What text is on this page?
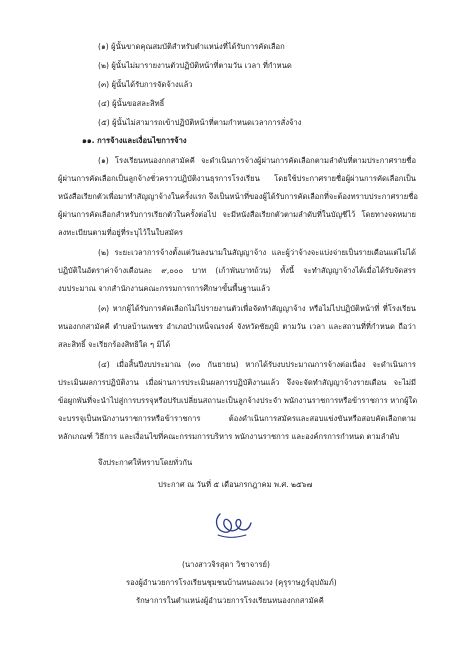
(๑) ผู้นั้นขาดคุณสมบัติสำหรับตำแหน่งที่ได้รับการคัดเลือก
(๒) ผู้นั้นไม่มารายงานตัวปฏิบัติหน้าที่ตามวัน เวลา ที่กำหนด
(๓) ผู้นั้นได้รับการจัดจ้างแล้ว
(๔) ผู้นั้นขอสละสิทธิ์
(๕) ผู้นั้นไม่สามารถเข้าปฏิบัติหน้าที่ตามกำหนดเวลาการสั่งจ้าง
๑๑. การจ้างและเงื่อนไขการจ้าง
(๑) โรงเรียนหนองกกสามัคคี จะดำเนินการจ้างผู้ผ่านการคัดเลือกตามลำดับที่ตามประกาศรายชื่อ
ผู้ผ่านการคัดเลือกเป็นลูกจ้างชั่วคราวปฏิบัติงานธุรการโรงเรียน โดยใช้ประกาศรายชื่อผู้ผ่านการคัดเลือกเป็น
หนังสือเรียกตัวเพื่อมาทำสัญญาจ้างในครั้งแรก จึงเป็นหน้าที่ของผู้ได้รับการคัดเลือกที่จะต้องทราบประกาศรายชื่อ
ผู้ผ่านการคัดเลือกสำหรับการเรียกตัวในครั้งต่อไป จะมีหนังสือเรียกตัวตามลำดับที่ในบัญชีไว้ โดยทางจดหมาย
ลงทะเบียนตามที่อยู่ที่ระบุไว้ในใบสมัคร
(๒) ระยะเวลาการจ้างตั้งแต่วันลงนามในสัญญาจ้าง และผู้ว่าจ้างจะแบ่งจ่ายเป็นรายเดือนแต่ไม่ได้
ปฏิบัติในอัตราค่าจ้างเดือนละ ๙,๐๐๐ บาท (เก้าพันบาทถ้วน) ทั้งนี้ จะทำสัญญาจ้างได้เมื่อได้รับจัดสรร
งบประมาณ จากสำนักงานคณะกรรมการการศึกษาขั้นพื้นฐานแล้ว
(๓) หากผู้ได้รับการคัดเลือกไม่ไปรายงานตัวเพื่อจัดทำสัญญาจ้าง หรือไม่ไปปฏิบัติหน้าที่ ที่โรงเรียน
หนองกกสามัคคี ตำบลบ้านเพชร อำเภอบำเหน็จณรงค์ จังหวัดชัยภูมิ ตามวัน เวลา และสถานที่ที่กำหนด ถือว่า
สละสิทธิ์ จะเรียกร้องสิทธิใด ๆ มิได้
(๔) เมื่อสิ้นปีงบประมาณ (๓๐ กันยายน) หากได้รับงบประมาณการจ้างต่อเนื่อง จะดำเนินการ
ประเมินผลการปฏิบัติงาน เมื่อผ่านการประเมินผลการปฏิบัติงานแล้ว จึงจะจัดทำสัญญาจ้างรายเดือน จะไม่มี
ข้อผูกพันที่จะนำไปสู่การบรรจุหรือปรับเปลี่ยนสถานะเป็นลูกจ้างประจำ พนักงานราชการหรือข้าราชการ หากผู้ใด
จะบรรจุเป็นพนักงานราชการหรือข้าราชการ ต้องดำเนินการสมัครและสอบแข่งขันหรือสอบคัดเลือกตาม
หลักเกณฑ์ วิธีการ และเงื่อนไขที่คณะกรรมการบริหาร พนักงานราชการ และองค์กรการกำหนด ตามลำดับ
จึงประกาศให้ทราบโดยทั่วกัน
ประกาศ ณ วันที่ ๕ เดือนกรกฎาคม พ.ศ. ๒๕๖๗
(นางสาวจิรสุดา วิชาจารย์)
รองผู้อำนวยการโรงเรียนชุมชนบ้านหนองแวง (คุรุราษฎร์อุปถัมภ์)
รักษาการในตำแหน่งผู้อำนวยการโรงเรียนหนองกกสามัคคี
